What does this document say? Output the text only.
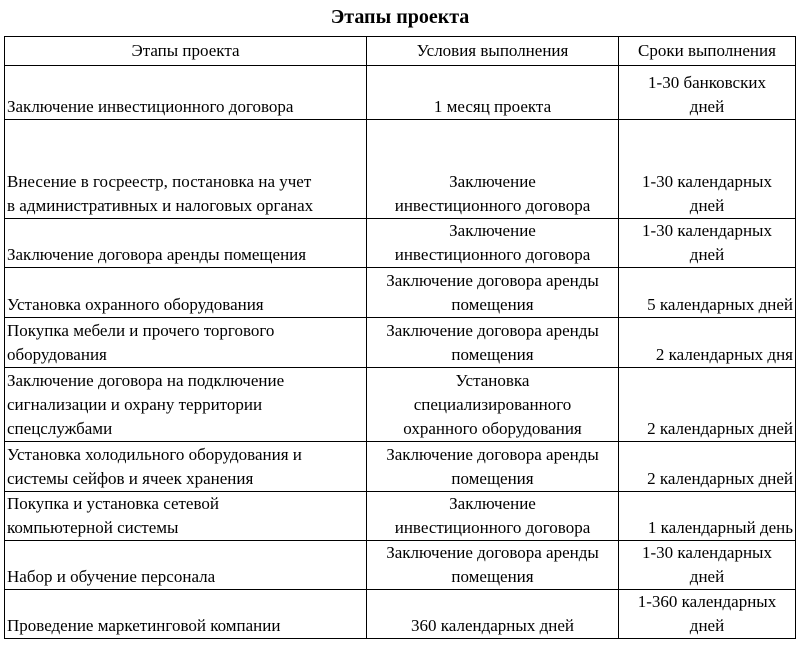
Этапы проекта
Этапы проекта	Условия выполнения	Сроки выполнения

Заключение инвестиционного договора	1 месяц проекта	1-30 банковских
дней

Внесение в госреестр, постановка на учет
в административных и налоговых органах	Заключение
инвестиционного договора	1-30 календарных
дней

Заключение договора аренды помещения	Заключение
инвестиционного договора	1-30 календарных
дней

Установка охранного оборудования	Заключение договора аренды
помещения	5 календарных дней

Покупка мебели и прочего торгового
оборудования	Заключение договора аренды
помещения	2 календарных дня

Заключение договора на подключение
сигнализации и охрану территории
спецслужбами	Установка
специализированного
охранного оборудования	2 календарных дней

Установка холодильного оборудования и
системы сейфов и ячеек хранения	Заключение договора аренды
помещения	2 календарных дней

Покупка и установка сетевой
компьютерной системы	Заключение
инвестиционного договора	1 календарный день

Набор и обучение персонала	Заключение договора аренды
помещения	1-30 календарных
дней

Проведение маркетинговой компании	360 календарных дней	1-360 календарных
дней
